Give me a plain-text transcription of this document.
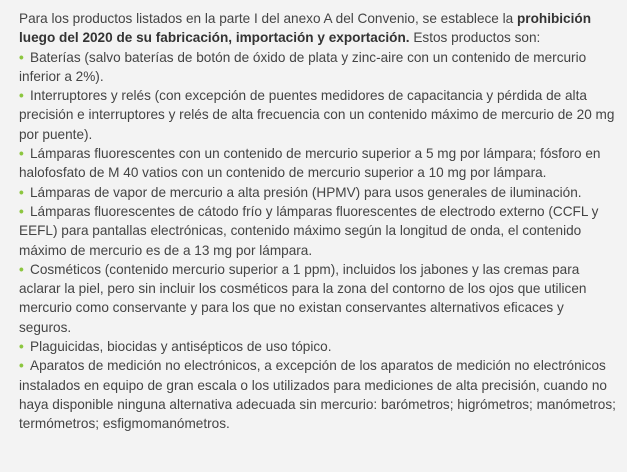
Para los productos listados en la parte I del anexo A del Convenio, se establece la prohibición luego del 2020 de su fabricación, importación y exportación. Estos productos son:

• Baterías (salvo baterías de botón de óxido de plata y zinc-aire con un contenido de mercurio inferior a 2%).
• Interruptores y relés (con excepción de puentes medidores de capacitancia y pérdida de alta precisión e interruptores y relés de alta frecuencia con un contenido máximo de mercurio de 20 mg por puente).
• Lámparas fluorescentes con un contenido de mercurio superior a 5 mg por lámpara; fósforo en halofosfato de M 40 vatios con un contenido de mercurio superior a 10 mg por lámpara.
• Lámparas de vapor de mercurio a alta presión (HPMV) para usos generales de iluminación.
• Lámparas fluorescentes de cátodo frío y lámparas fluorescentes de electrodo externo (CCFL y EEFL) para pantallas electrónicas, contenido máximo según la longitud de onda, el contenido máximo de mercurio es de a 13 mg por lámpara.
• Cosméticos (contenido mercurio superior a 1 ppm), incluidos los jabones y las cremas para aclarar la piel, pero sin incluir los cosméticos para la zona del contorno de los ojos que utilicen mercurio como conservante y para los que no existan conservantes alternativos eficaces y seguros.
• Plaguicidas, biocidas y antisépticos de uso tópico.
• Aparatos de medición no electrónicos, a excepción de los aparatos de medición no electrónicos instalados en equipo de gran escala o los utilizados para mediciones de alta precisión, cuando no haya disponible ninguna alternativa adecuada sin mercurio: barómetros; higrómetros; manómetros; termómetros; esfigmomanómetros.
